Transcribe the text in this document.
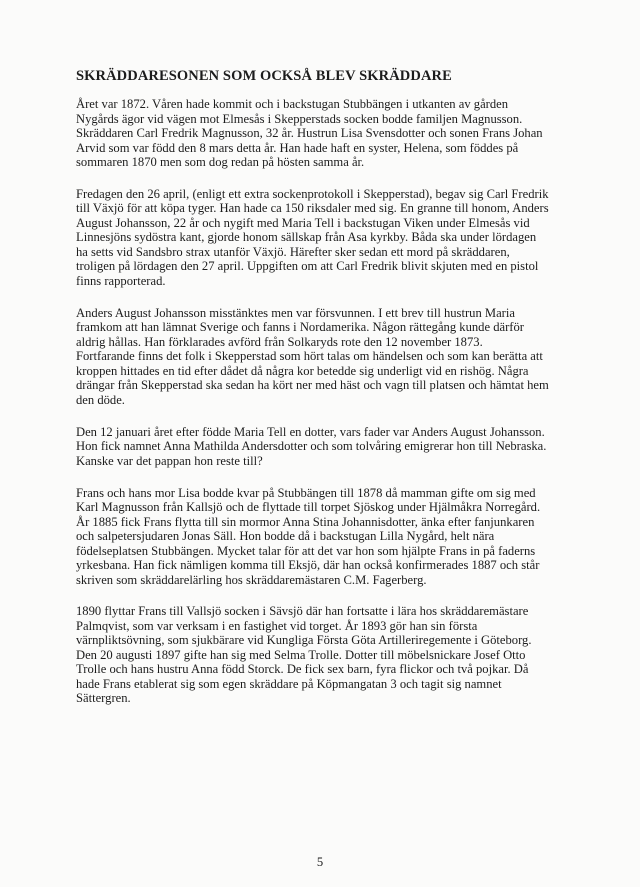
SKRÄDDARESONEN SOM OCKSÅ BLEV SKRÄDDARE

Året var 1872. Våren hade kommit och i backstugan Stubbängen i utkanten av gården
Nygårds ägor vid vägen mot Elmesås i Skepperstads socken bodde familjen Magnusson.
Skräddaren Carl Fredrik Magnusson, 32 år. Hustrun Lisa Svensdotter och sonen Frans Johan
Arvid som var född den 8 mars detta år. Han hade haft en syster, Helena, som föddes på
sommaren 1870 men som dog redan på hösten samma år.

Fredagen den 26 april, (enligt ett extra sockenprotokoll i Skepperstad), begav sig Carl Fredrik
till Växjö för att köpa tyger. Han hade ca 150 riksdaler med sig. En granne till honom, Anders
August Johansson, 22 år och nygift med Maria Tell i backstugan Viken under Elmesås vid
Linnesjöns sydöstra kant, gjorde honom sällskap från Asa kyrkby. Båda ska under lördagen
ha setts vid Sandsbro strax utanför Växjö. Härefter sker sedan ett mord på skräddaren,
troligen på lördagen den 27 april. Uppgiften om att Carl Fredrik blivit skjuten med en pistol
finns rapporterad.

Anders August Johansson misstänktes men var försvunnen. I ett brev till hustrun Maria
framkom att han lämnat Sverige och fanns i Nordamerika. Någon rättegång kunde därför
aldrig hållas. Han förklarades avförd från Solkaryds rote den 12 november 1873.
Fortfarande finns det folk i Skepperstad som hört talas om händelsen och som kan berätta att
kroppen hittades en tid efter dådet då några kor betedde sig underligt vid en rishög. Några
drängar från Skepperstad ska sedan ha kört ner med häst och vagn till platsen och hämtat hem
den döde.

Den 12 januari året efter födde Maria Tell en dotter, vars fader var Anders August Johansson.
Hon fick namnet Anna Mathilda Andersdotter och som tolvåring emigrerar hon till Nebraska.
Kanske var det pappan hon reste till?

Frans och hans mor Lisa bodde kvar på Stubbängen till 1878 då mamman gifte om sig med
Karl Magnusson från Kallsjö och de flyttade till torpet Sjöskog under Hjälmåkra Norregård.
År 1885 fick Frans flytta till sin mormor Anna Stina Johannisdotter, änka efter fanjunkaren
och salpetersjudaren Jonas Säll. Hon bodde då i backstugan Lilla Nygård, helt nära
födelseplatsen Stubbängen. Mycket talar för att det var hon som hjälpte Frans in på faderns
yrkesbana. Han fick nämligen komma till Eksjö, där han också konfirmerades 1887 och står
skriven som skräddarelärling hos skräddaremästaren C.M. Fagerberg.

1890 flyttar Frans till Vallsjö socken i Sävsjö där han fortsatte i lära hos skräddaremästare
Palmqvist, som var verksam i en fastighet vid torget. År 1893 gör han sin första
värnpliktsövning, som sjukbärare vid Kungliga Första Göta Artilleriregemente i Göteborg.
Den 20 augusti 1897 gifte han sig med Selma Trolle. Dotter till möbelsnickare Josef Otto
Trolle och hans hustru Anna född Storck. De fick sex barn, fyra flickor och två pojkar. Då
hade Frans etablerat sig som egen skräddare på Köpmangatan 3 och tagit sig namnet
Sättergren.

5
